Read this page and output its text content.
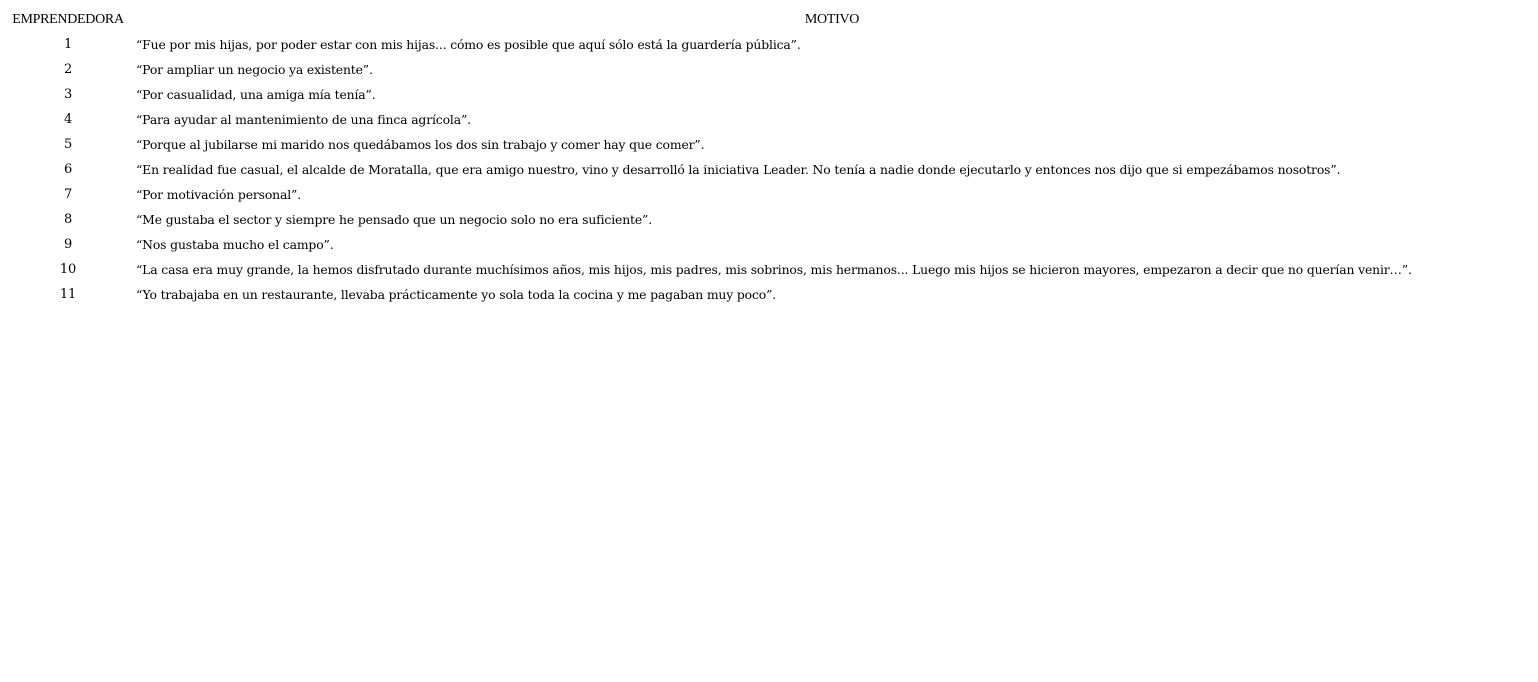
EMPRENDEDORA	MOTIVO
1	“Fue por mis hijas, por poder estar con mis hijas... cómo es posible que aquí sólo está la guardería pública”.
2	“Por ampliar un negocio ya existente”.
3	“Por casualidad, una amiga mía tenía”.
4	“Para ayudar al mantenimiento de una finca agrícola”.
5	“Porque al jubilarse mi marido nos quedábamos los dos sin trabajo y comer hay que comer”.
6	“En realidad fue casual, el alcalde de Moratalla, que era amigo nuestro, vino y desarrolló la iniciativa Leader. No tenía a nadie donde ejecutarlo y entonces nos dijo que si empezábamos nosotros”.
7	“Por motivación personal”.
8	“Me gustaba el sector y siempre he pensado que un negocio solo no era suficiente”.
9	“Nos gustaba mucho el campo”.
10	“La casa era muy grande, la hemos disfrutado durante muchísimos años, mis hijos, mis padres, mis sobrinos, mis hermanos... Luego mis hijos se hicieron mayores, empezaron a decir que no querían venir…”.
11	“Yo trabajaba en un restaurante, llevaba prácticamente yo sola toda la cocina y me pagaban muy poco”.
